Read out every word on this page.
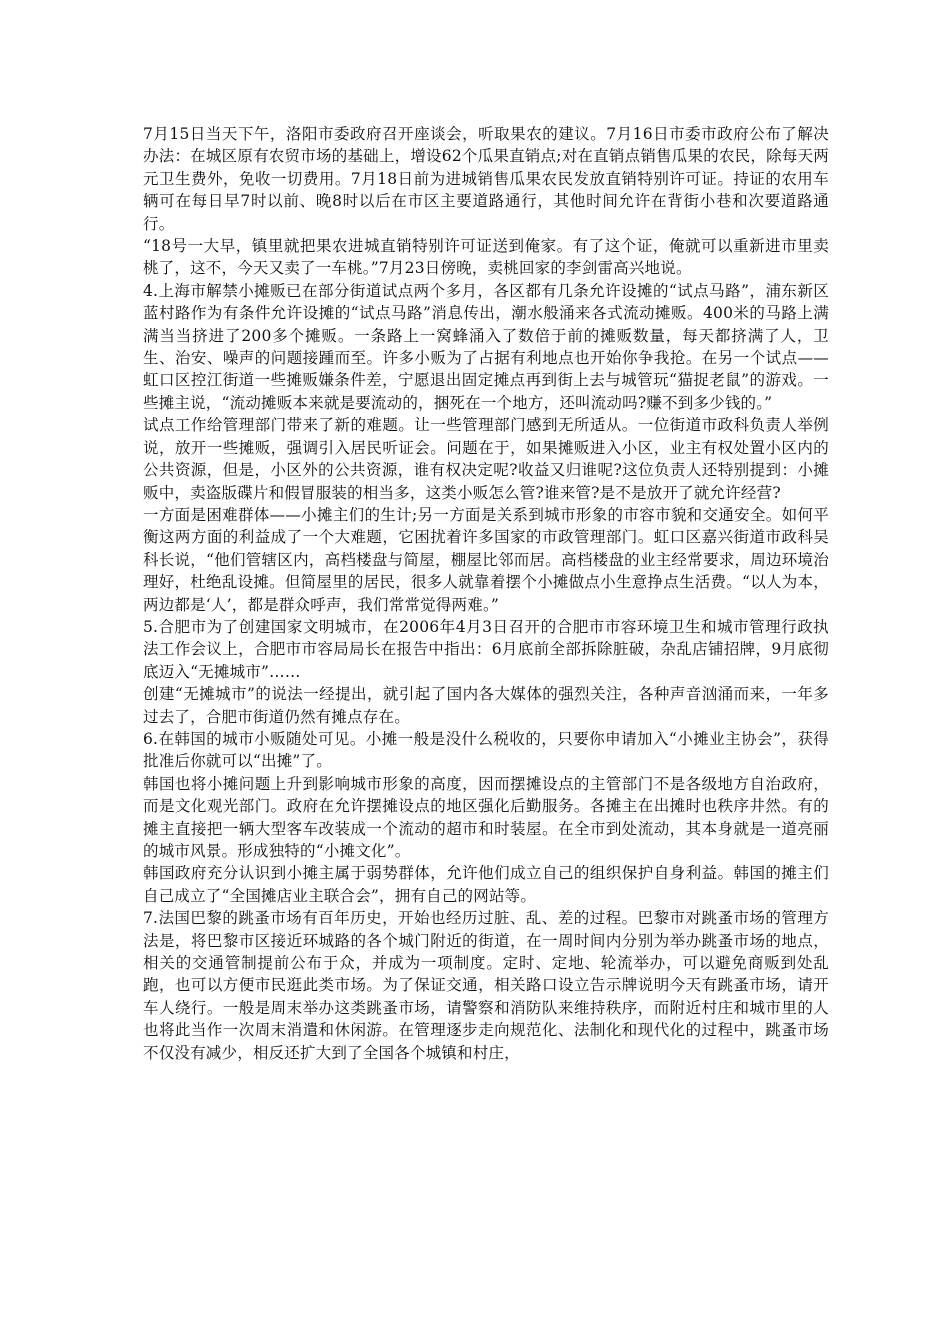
7月15日当天下午，洛阳市委政府召开座谈会，听取果农的建议。7月16日市委市政府公布了解决办法：在城区原有农贸市场的基础上，增设62个瓜果直销点;对在直销点销售瓜果的农民，除每天两元卫生费外，免收一切费用。7月18日前为进城销售瓜果农民发放直销特别许可证。持证的农用车辆可在每日早7时以前、晚8时以后在市区主要道路通行，其他时间允许在背街小巷和次要道路通行。

“18号一大早，镇里就把果农进城直销特别许可证送到俺家。有了这个证，俺就可以重新进市里卖桃了，这不，今天又卖了一车桃。”7月23日傍晚，卖桃回家的李剑雷高兴地说。

4.上海市解禁小摊贩已在部分街道试点两个多月，各区都有几条允许设摊的“试点马路”，浦东新区蓝村路作为有条件允许设摊的“试点马路”消息传出，潮水般涌来各式流动摊贩。400米的马路上满满当当挤进了200多个摊贩。一条路上一窝蜂涌入了数倍于前的摊贩数量，每天都挤满了人，卫生、治安、噪声的问题接踵而至。许多小贩为了占据有利地点也开始你争我抢。在另一个试点——虹口区控江街道一些摊贩嫌条件差，宁愿退出固定摊点再到街上去与城管玩“猫捉老鼠”的游戏。一些摊主说，“流动摊贩本来就是要流动的，捆死在一个地方，还叫流动吗?赚不到多少钱的。”

试点工作给管理部门带来了新的难题。让一些管理部门感到无所适从。一位街道市政科负责人举例说，放开一些摊贩，强调引入居民听证会。问题在于，如果摊贩进入小区，业主有权处置小区内的公共资源，但是，小区外的公共资源，谁有权决定呢?收益又归谁呢?这位负责人还特别提到：小摊贩中，卖盗版碟片和假冒服装的相当多，这类小贩怎么管?谁来管?是不是放开了就允许经营?

一方面是困难群体——小摊主们的生计;另一方面是关系到城市形象的市容市貌和交通安全。如何平衡这两方面的利益成了一个大难题，它困扰着许多国家的市政管理部门。虹口区嘉兴街道市政科吴科长说，“他们管辖区内，高档楼盘与简屋，棚屋比邻而居。高档楼盘的业主经常要求，周边环境治理好，杜绝乱设摊。但简屋里的居民，很多人就靠着摆个小摊做点小生意挣点生活费。“以人为本，两边都是‘人’，都是群众呼声，我们常常觉得两难。”

5.合肥市为了创建国家文明城市，在2006年4月3日召开的合肥市市容环境卫生和城市管理行政执法工作会议上，合肥市市容局局长在报告中指出：6月底前全部拆除脏破，杂乱店铺招牌，9月底彻底迈入“无摊城市”……

创建“无摊城市”的说法一经提出，就引起了国内各大媒体的强烈关注，各种声音汹涌而来，一年多过去了，合肥市街道仍然有摊点存在。

6.在韩国的城市小贩随处可见。小摊一般是没什么税收的，只要你申请加入“小摊业主协会”，获得批准后你就可以“出摊”了。

韩国也将小摊问题上升到影响城市形象的高度，因而摆摊设点的主管部门不是各级地方自治政府，而是文化观光部门。政府在允许摆摊设点的地区强化后勤服务。各摊主在出摊时也秩序井然。有的摊主直接把一辆大型客车改装成一个流动的超市和时装屋。在全市到处流动，其本身就是一道亮丽的城市风景。形成独特的“小摊文化”。

韩国政府充分认识到小摊主属于弱势群体，允许他们成立自己的组织保护自身利益。韩国的摊主们自己成立了“全国摊店业主联合会”，拥有自己的网站等。

7.法国巴黎的跳蚤市场有百年历史，开始也经历过脏、乱、差的过程。巴黎市对跳蚤市场的管理方法是，将巴黎市区接近环城路的各个城门附近的街道，在一周时间内分别为举办跳蚤市场的地点，相关的交通管制提前公布于众，并成为一项制度。定时、定地、轮流举办，可以避免商贩到处乱跑，也可以方便市民逛此类市场。为了保证交通，相关路口设立告示牌说明今天有跳蚤市场，请开车人绕行。一般是周末举办这类跳蚤市场，请警察和消防队来维持秩序，而附近村庄和城市里的人也将此当作一次周末消遣和休闲游。在管理逐步走向规范化、法制化和现代化的过程中，跳蚤市场不仅没有减少，相反还扩大到了全国各个城镇和村庄，
